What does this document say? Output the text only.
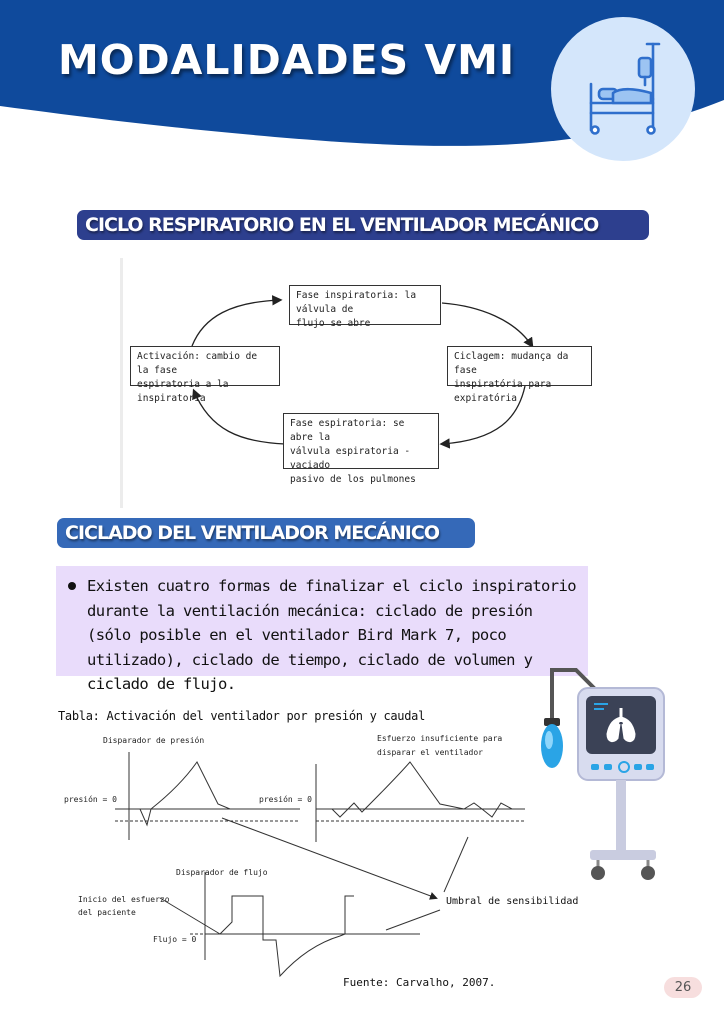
MODALIDADES VMI
CICLO RESPIRATORIO EN EL VENTILADOR MECÁNICO
Fase inspiratoria: la válvula de
flujo se abre
Ciclagem: mudança da fase
inspiratória para expiratória
Fase espiratoria: se abre la
válvula espiratoria - vaciado
pasivo de los pulmones
Activación: cambio de la fase
espiratoria a la inspiratoria
CICLADO DEL VENTILADOR MECÁNICO

Existen cuatro formas de finalizar el ciclo inspiratorio durante la ventilación mecánica: ciclado de presión (sólo posible en el ventilador Bird Mark 7, poco utilizado), ciclado de tiempo, ciclado de volumen y ciclado de flujo.

Tabla: Activación del ventilador por presión y caudal
Disparador de presión	Esfuerzo insuficiente para
disparar el ventilador
presión = 0	presión = 0
Disparador de flujo
Inicio del esfuerzo
del paciente
Flujo = 0
Umbral de sensibilidad
Fuente: Carvalho, 2007.	26
